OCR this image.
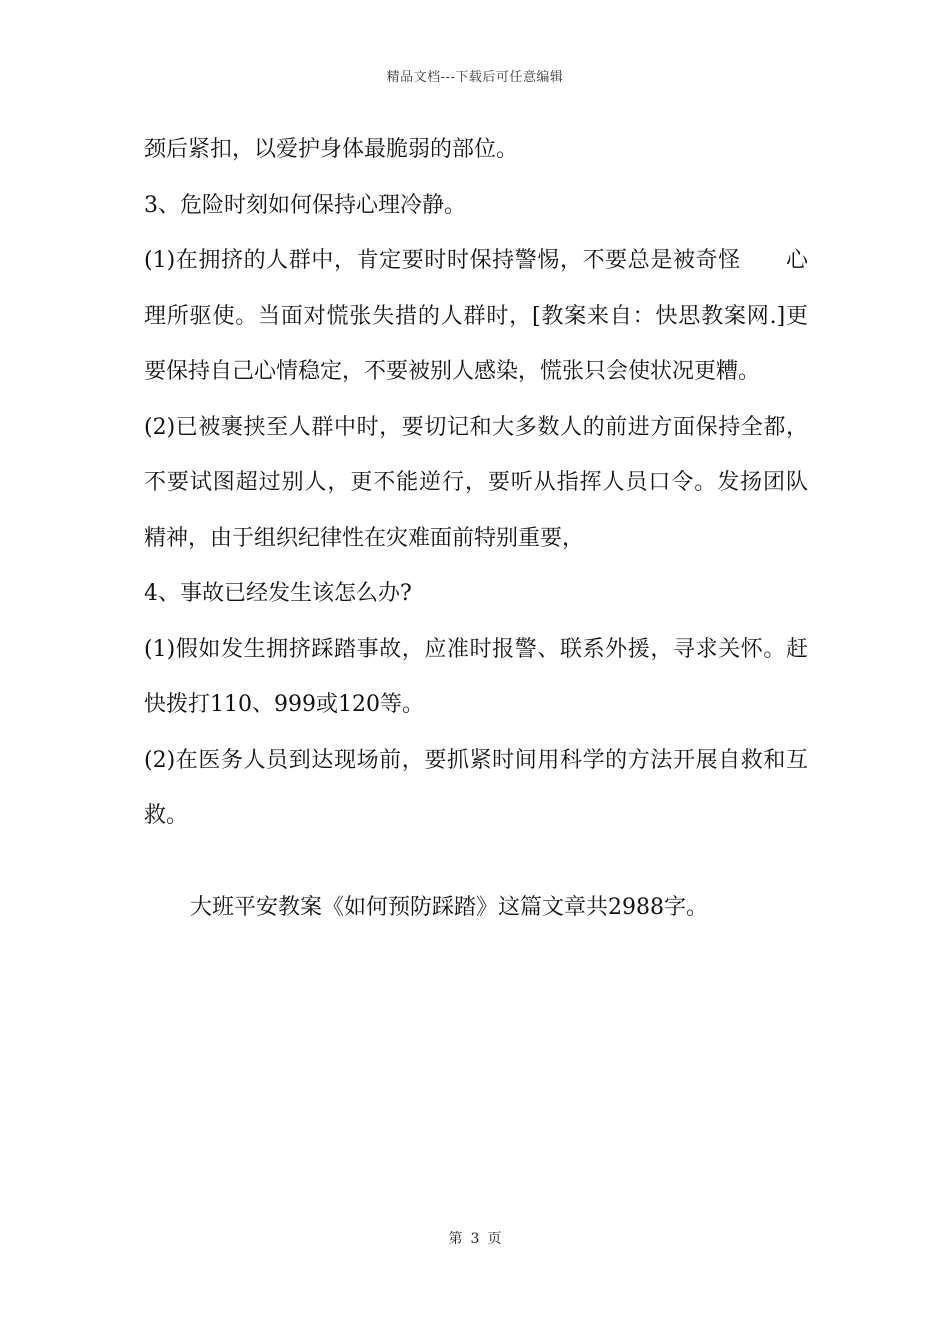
精品文档---下载后可任意编辑
颈后紧扣，以爱护身体最脆弱的部位。
3、危险时刻如何保持心理冷静。
(1)在拥挤的人群中，肯定要时时保持警惕，不要总是被奇怪　　心
理所驱使。当面对慌张失措的人群时，[教案来自：快思教案网.]更
要保持自己心情稳定，不要被别人感染，慌张只会使状况更糟。
(2)已被裹挟至人群中时，要切记和大多数人的前进方面保持全都，
不要试图超过别人，更不能逆行，要听从指挥人员口令。发扬团队
精神，由于组织纪律性在灾难面前特别重要，
4、事故已经发生该怎么办?
(1)假如发生拥挤踩踏事故，应准时报警、联系外援，寻求关怀。赶
快拨打110、999或120等。
(2)在医务人员到达现场前，要抓紧时间用科学的方法开展自救和互
救。
大班平安教案《如何预防踩踏》这篇文章共2988字。
第 3 页
